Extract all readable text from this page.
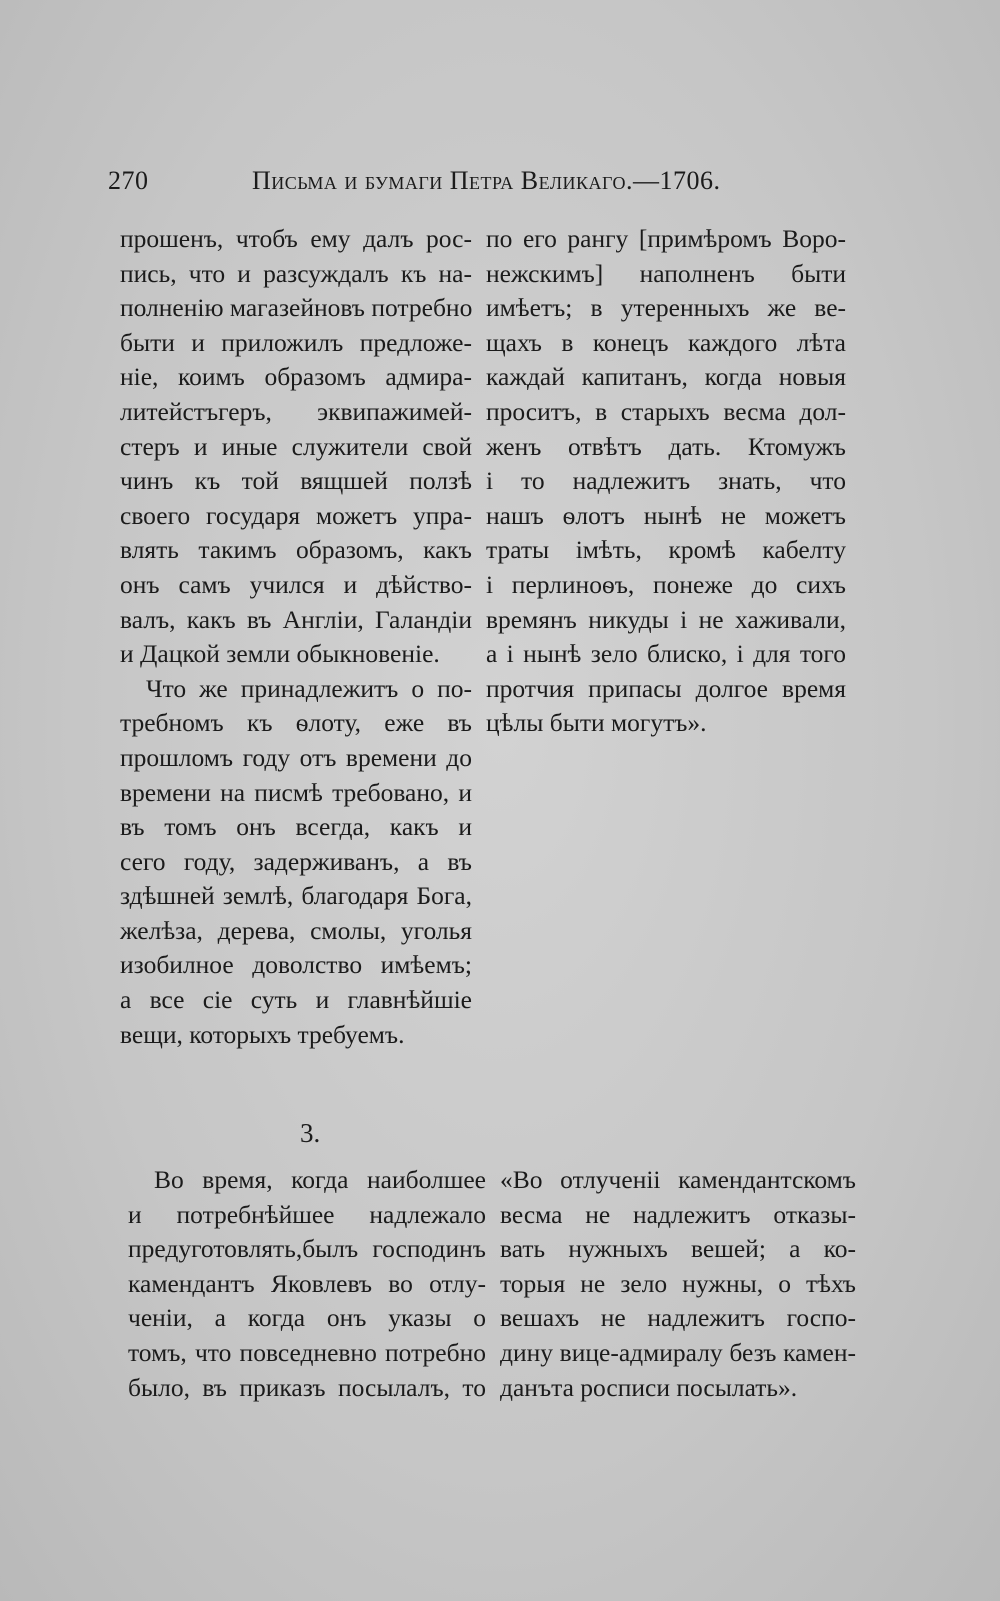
270	Письма и бумаги Петра Великаго.—1706.
прошенъ, чтобъ ему далъ рос-
пись, что и разсуждалъ къ на-
полненію магазейновъ потребно
быти и приложилъ предложе-
ніе, коимъ образомъ адмира-
литейстъгеръ, эквипажимей-
стеръ и иные служители свой
чинъ къ той вящшей ползѣ
своего государя можетъ упра-
влять такимъ образомъ, какъ
онъ самъ учился и дѣйство-
валъ, какъ въ Англіи, Галандіи
и Дацкой земли обыкновеніе.
Что же принадлежитъ о по-
требномъ къ ѳлоту, еже въ
прошломъ году отъ времени до
времени на писмѣ требовано, и
въ томъ онъ всегда, какъ и
сего году, задерживанъ, а въ
здѣшней землѣ, благодаря Бога,
желѣза, дерева, смолы, уголья
изобилное доволство имѣемъ;
а все сіе суть и главнѣйшіе
вещи, которыхъ требуемъ.
по его рангу [примѣромъ Воро-
нежскимъ] наполненъ быти
имѣетъ; в утеренныхъ же ве-
щахъ в конецъ каждого лѣта
каждай капитанъ, когда новыя
проситъ, в старыхъ весма дол-
женъ отвѣтъ дать. Ктомужъ
і то надлежитъ знать, что
нашъ ѳлотъ нынѣ не можетъ
траты імѣть, кромѣ кабелту
і перлиноѳъ, понеже до сихъ
времянъ никуды і не хаживали,
а і нынѣ зело блиско, і для того
протчия припасы долгое время
цѣлы быти могутъ».
3.
Во время, когда наиболшее
и потребнѣйшее надлежало
предуготовлять,былъ господинъ
камендантъ Яковлевъ во отлу-
ченіи, а когда онъ указы о
томъ, что повседневно потребно
было, въ приказъ посылалъ, то
«Во отлученіі камендантскомъ
весма не надлежитъ отказы-
вать нужныхъ вешей; а ко-
торыя не зело нужны, о тѣхъ
вешахъ не надлежитъ госпо-
дину вице-адмиралу безъ камен-
данъта росписи посылать».
